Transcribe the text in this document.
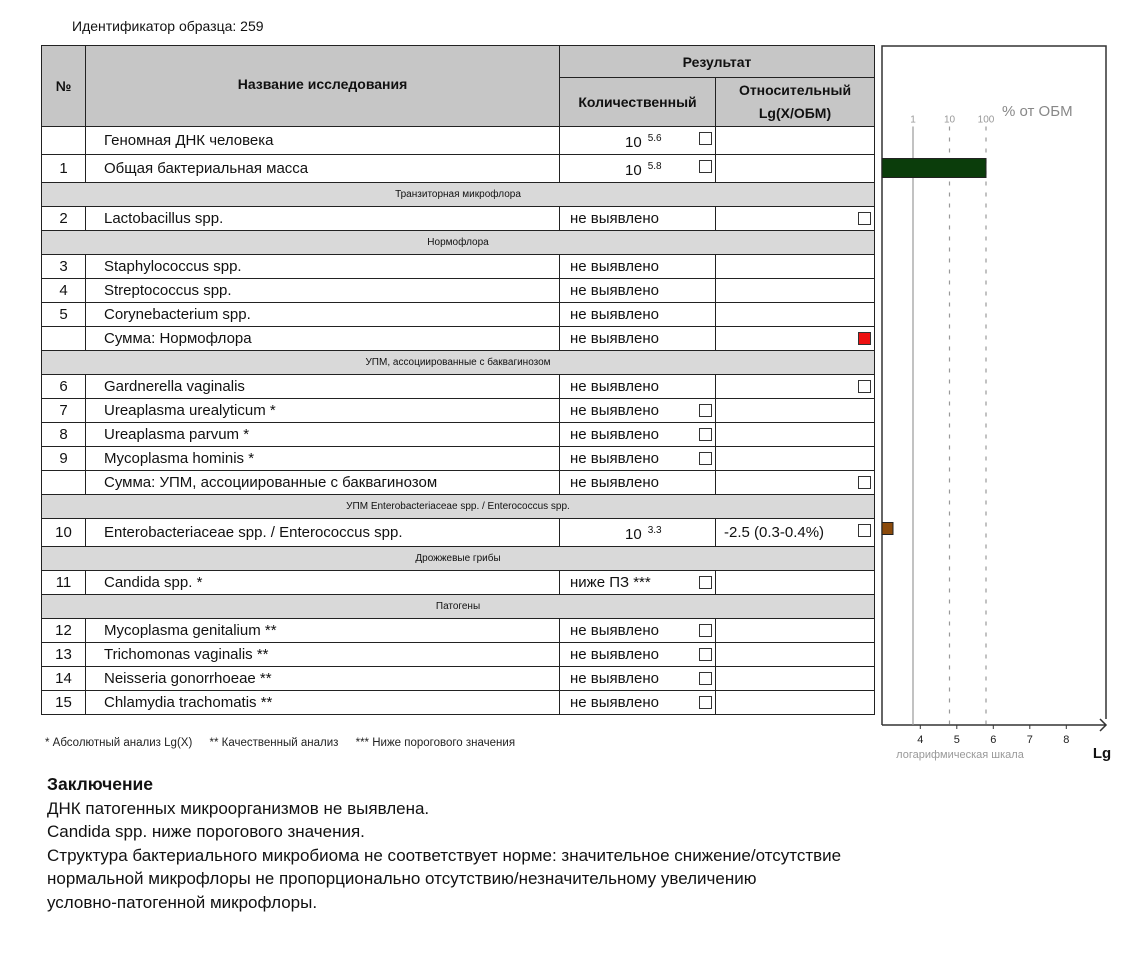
Идентификатор образца: 259
№	Название исследования	Результат	
		Количественный	Относительный
Lg(X/ОБМ)

	Геномная ДНК человека	10 $^{5.6}$

1	Общая бактериальная масса	10 $^{5.8}$

Транзиторная микрофлора			
2	Lactobacillus spp.	не выявлено	

Нормофлора			
3	Staphylococcus spp.	не выявлено	
4	Streptococcus spp.	не выявлено	
5	Corynebacterium spp.	не выявлено	
	Сумма: Нормофлора	не выявлено	

УПМ, ассоциированные с баквагинозом			
6	Gardnerella vaginalis	не выявлено	

7	Ureaplasma urealyticum *	не выявлено

8	Ureaplasma parvum *	не выявлено

9	Mycoplasma hominis *	не выявлено

	Сумма: УПМ, ассоциированные с баквагинозом	не выявлено	

УПМ Enterobacteriaceae spp. / Enterococcus spp.			
10	Enterobacteriaceae spp. / Enterococcus spp.	10 $^{3.3}$	-2.5 (0.3-0.4%)

Дрожжевые грибы			
11	Candida spp. *	ниже ПЗ ***

Патогены			
12	Mycoplasma genitalium **	не выявлено

13	Trichomonas vaginalis **	не выявлено

14	Neisseria gonorrhoeae **	не выявлено

15	Chlamydia trachomatis **	не выявлено

* Абсолютный анализ Lg(X) ** Качественный анализ *** Ниже порогового значения
Заключение
ДНК патогенных микроорганизмов не выявлена.
Candida spp. ниже порогового значения.
Структура бактериального микробиома не соответствует норме: значительное снижение/отсутствие
нормальной микрофлоры не пропорционально отсутствию/незначительному увеличению
условно-патогенной микрофлоры.
% от ОБМ
1	10 100
4	5	6	7	8
логарифмическая шкала	Lg
